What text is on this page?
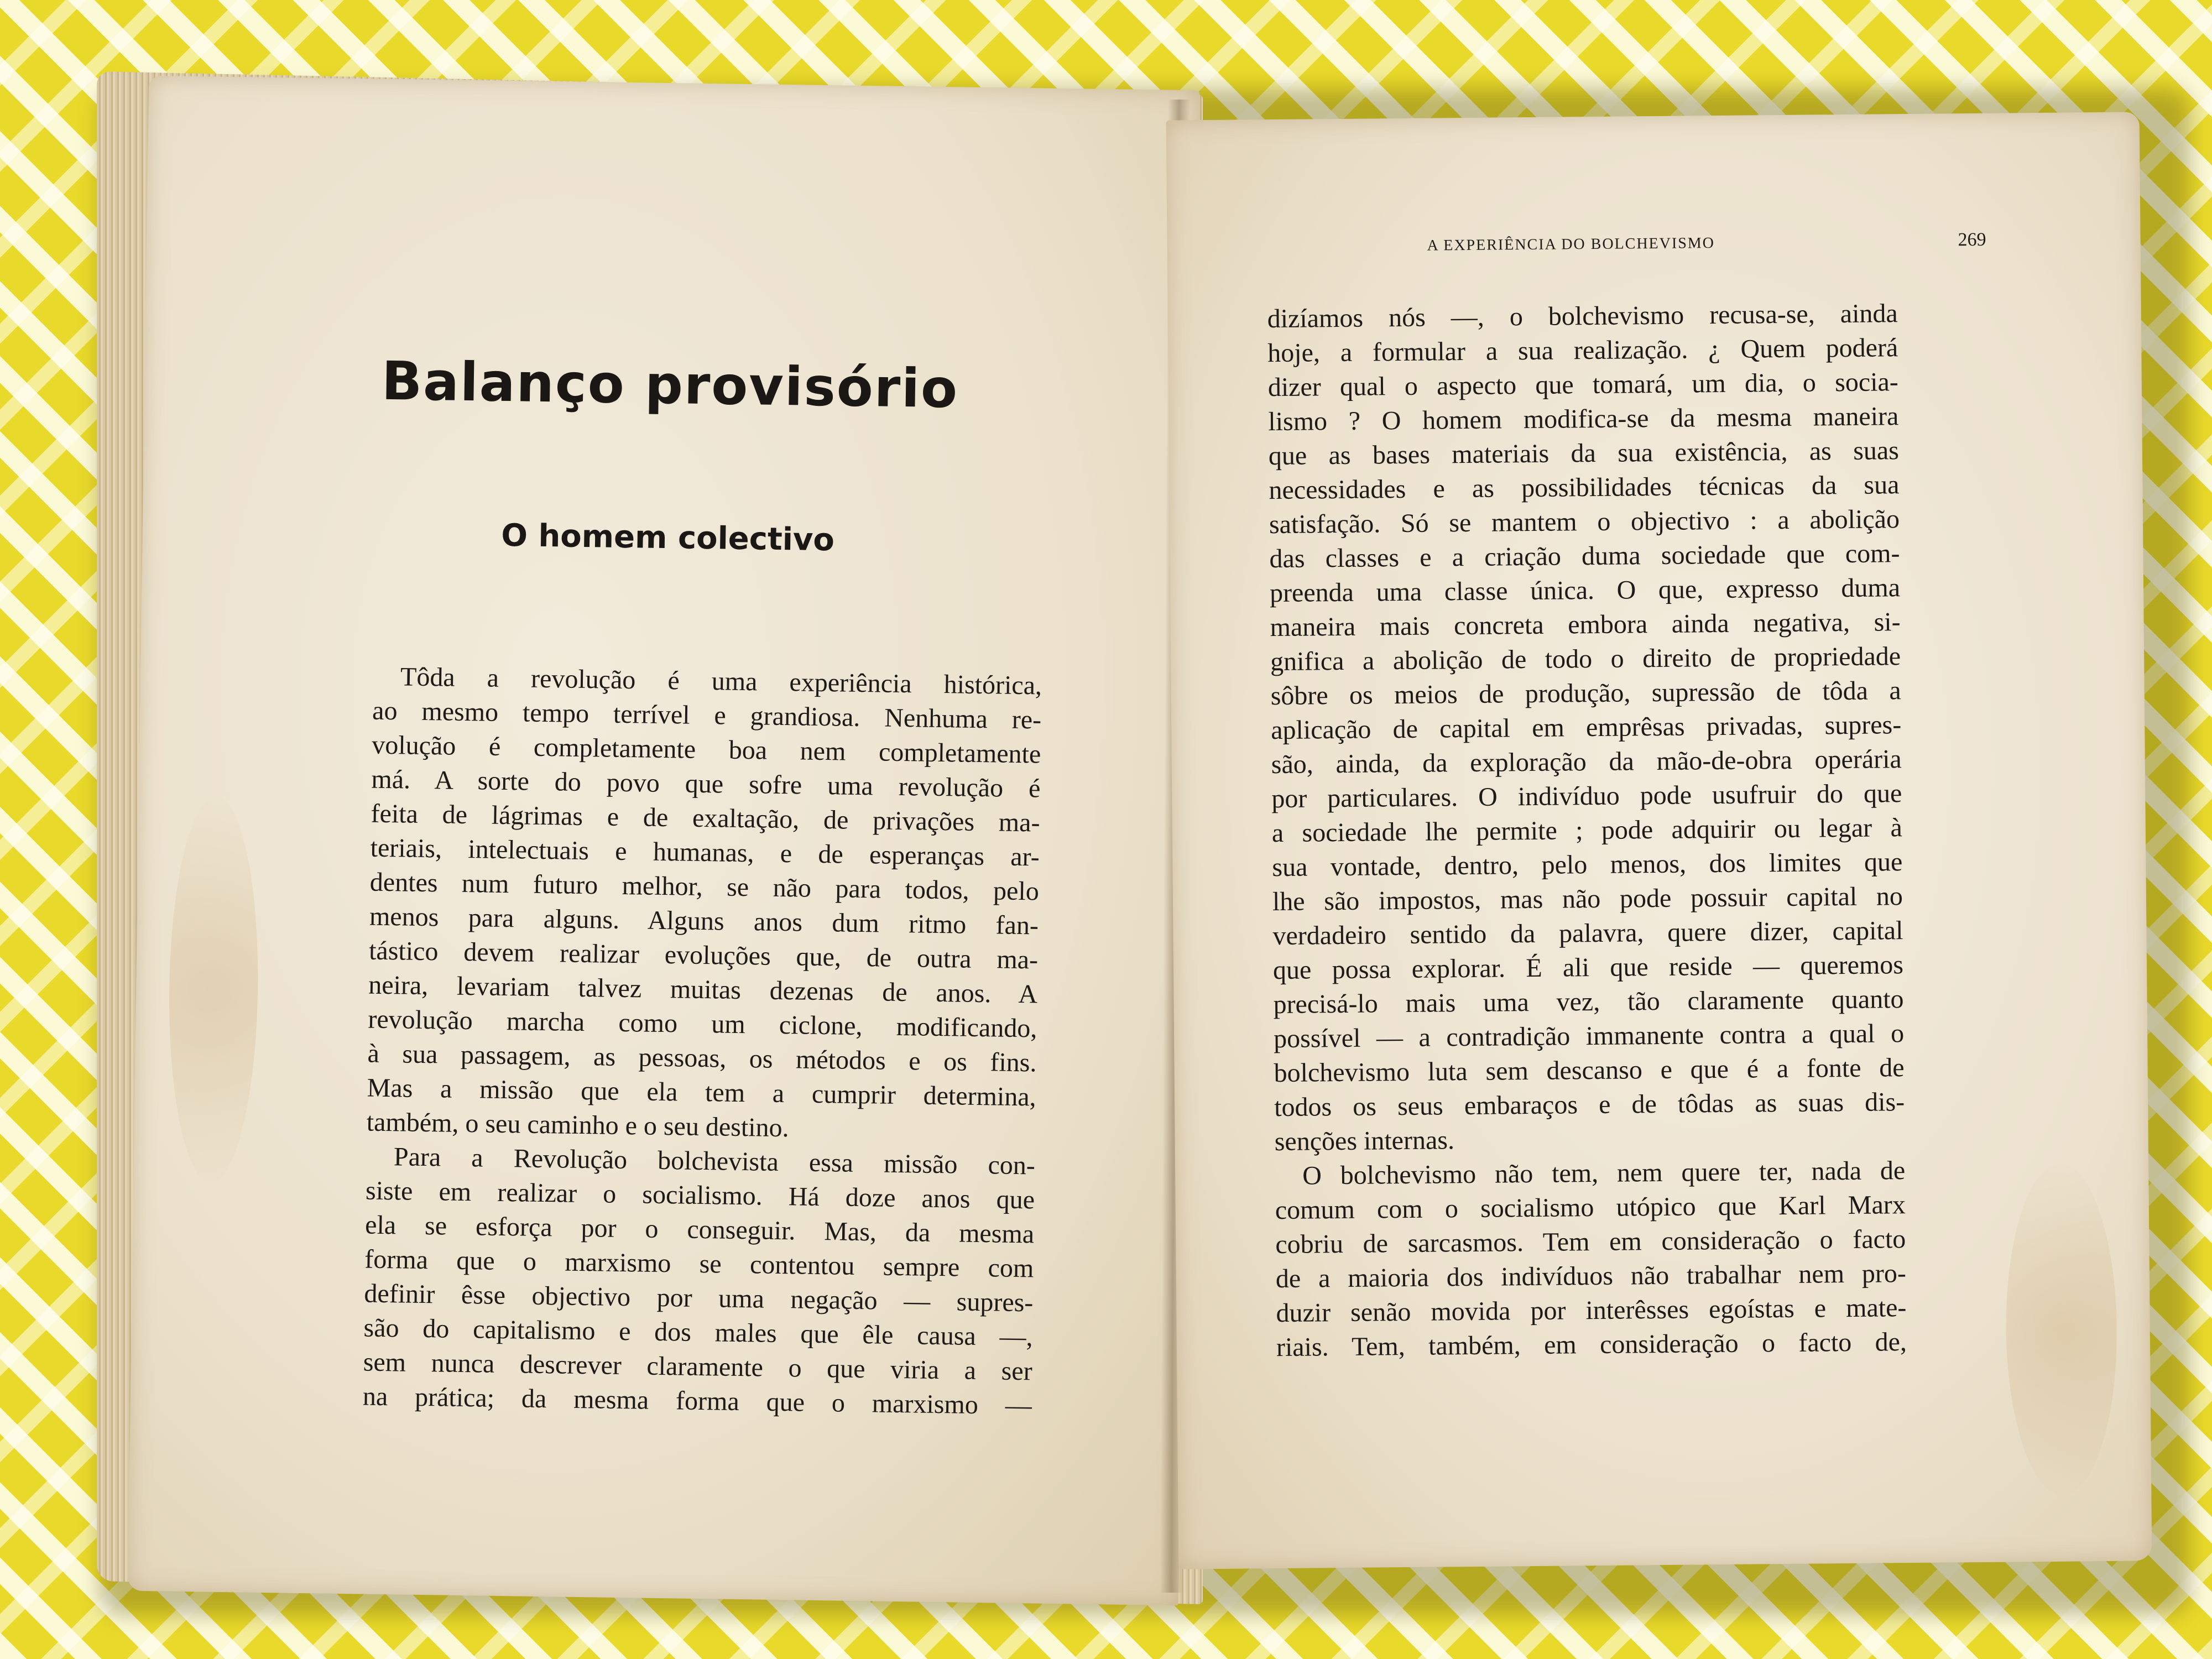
Balanço provisório
O homem colectivo
Tôda a revolução é uma experiência histórica,
ao mesmo tempo terrível e grandiosa. Nenhuma re-
volução é completamente boa nem completamente
má. A sorte do povo que sofre uma revolução é
feita de lágrimas e de exaltação, de privações ma-
teriais, intelectuais e humanas, e de esperanças ar-
dentes num futuro melhor, se não para todos, pelo
menos para alguns. Alguns anos dum ritmo fan-
tástico devem realizar evoluções que, de outra ma-
neira, levariam talvez muitas dezenas de anos. A
revolução marcha como um ciclone, modificando,
à sua passagem, as pessoas, os métodos e os fins.
Mas a missão que ela tem a cumprir determina,
também, o seu caminho e o seu destino.
Para a Revolução bolchevista essa missão con-
siste em realizar o socialismo. Há doze anos que
ela se esforça por o conseguir. Mas, da mesma
forma que o marxismo se contentou sempre com
definir êsse objectivo por uma negação — supres-
são do capitalismo e dos males que êle causa —,
sem nunca descrever claramente o que viria a ser
na prática; da mesma forma que o marxismo —
A EXPERIÊNCIA DO BOLCHEVISMO	269
dizíamos nós —, o bolchevismo recusa-se, ainda
hoje, a formular a sua realização. ¿ Quem poderá
dizer qual o aspecto que tomará, um dia, o socia-
lismo ? O homem modifica-se da mesma maneira
que as bases materiais da sua existência, as suas
necessidades e as possibilidades técnicas da sua
satisfação. Só se mantem o objectivo : a abolição
das classes e a criação duma sociedade que com-
preenda uma classe única. O que, expresso duma
maneira mais concreta embora ainda negativa, si-
gnifica a abolição de todo o direito de propriedade
sôbre os meios de produção, supressão de tôda a
aplicação de capital em emprêsas privadas, supres-
são, ainda, da exploração da mão-de-obra operária
por particulares. O indivíduo pode usufruir do que
a sociedade lhe permite ; pode adquirir ou legar à
sua vontade, dentro, pelo menos, dos limites que
lhe são impostos, mas não pode possuir capital no
verdadeiro sentido da palavra, quere dizer, capital
que possa explorar. É ali que reside — queremos
precisá-lo mais uma vez, tão claramente quanto
possível — a contradição immanente contra a qual o
bolchevismo luta sem descanso e que é a fonte de
todos os seus embaraços e de tôdas as suas dis-
senções internas.
O bolchevismo não tem, nem quere ter, nada de
comum com o socialismo utópico que Karl Marx
cobriu de sarcasmos. Tem em consideração o facto
de a maioria dos indivíduos não trabalhar nem pro-
duzir senão movida por interêsses egoístas e mate-
riais. Tem, também, em consideração o facto de,
